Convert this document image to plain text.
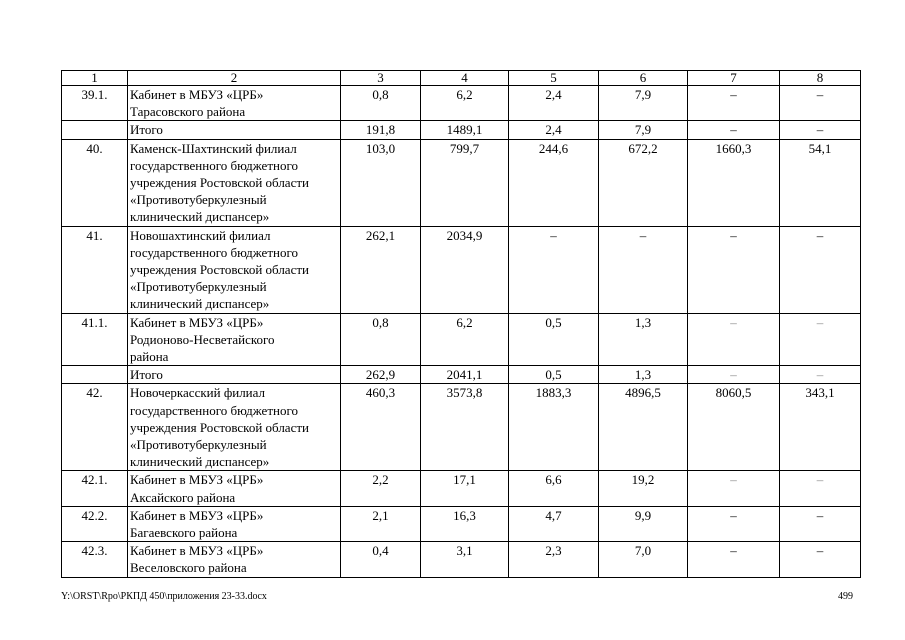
1	2	3	4	5	6	7	8
39.1.	Кабинет в МБУЗ «ЦРБ»
Тарасовского района	0,8	6,2	2,4	7,9	–	–

	Итого	191,8	1489,1	2,4	7,9	–	–
40.	Каменск-Шахтинский филиал
государственного бюджетного
учреждения Ростовской области
«Противотуберкулезный
клинический диспансер»	103,0	799,7	244,6	672,2	1660,3	54,1
41.	Новошахтинский филиал
государственного бюджетного
учреждения Ростовской области
«Противотуберкулезный
клинический диспансер»	262,1	2034,9	–	–	–	–
41.1.	Кабинет в МБУЗ «ЦРБ»
Родионово-Несветайского
района	0,8	6,2	0,5	1,3	–	–

	Итого	262,9	2041,1	0,5	1,3	–	–
42.	Новочеркасский филиал
государственного бюджетного
учреждения Ростовской области
«Противотуберкулезный
клинический диспансер»	460,3	3573,8	1883,3	4896,5	8060,5	343,1
42.1.	Кабинет в МБУЗ «ЦРБ»
Аксайского района	2,2	17,1	6,6	19,2	–	–
42.2.	Кабинет в МБУЗ «ЦРБ»
Багаевского района	2,1	16,3	4,7	9,9	–	–
42.3.	Кабинет в МБУЗ «ЦРБ»
Веселовского района	0,4	3,1	2,3	7,0	–	–
Y:\ORST\Rpo\РКПД 450\приложения 23-33.docx	499
